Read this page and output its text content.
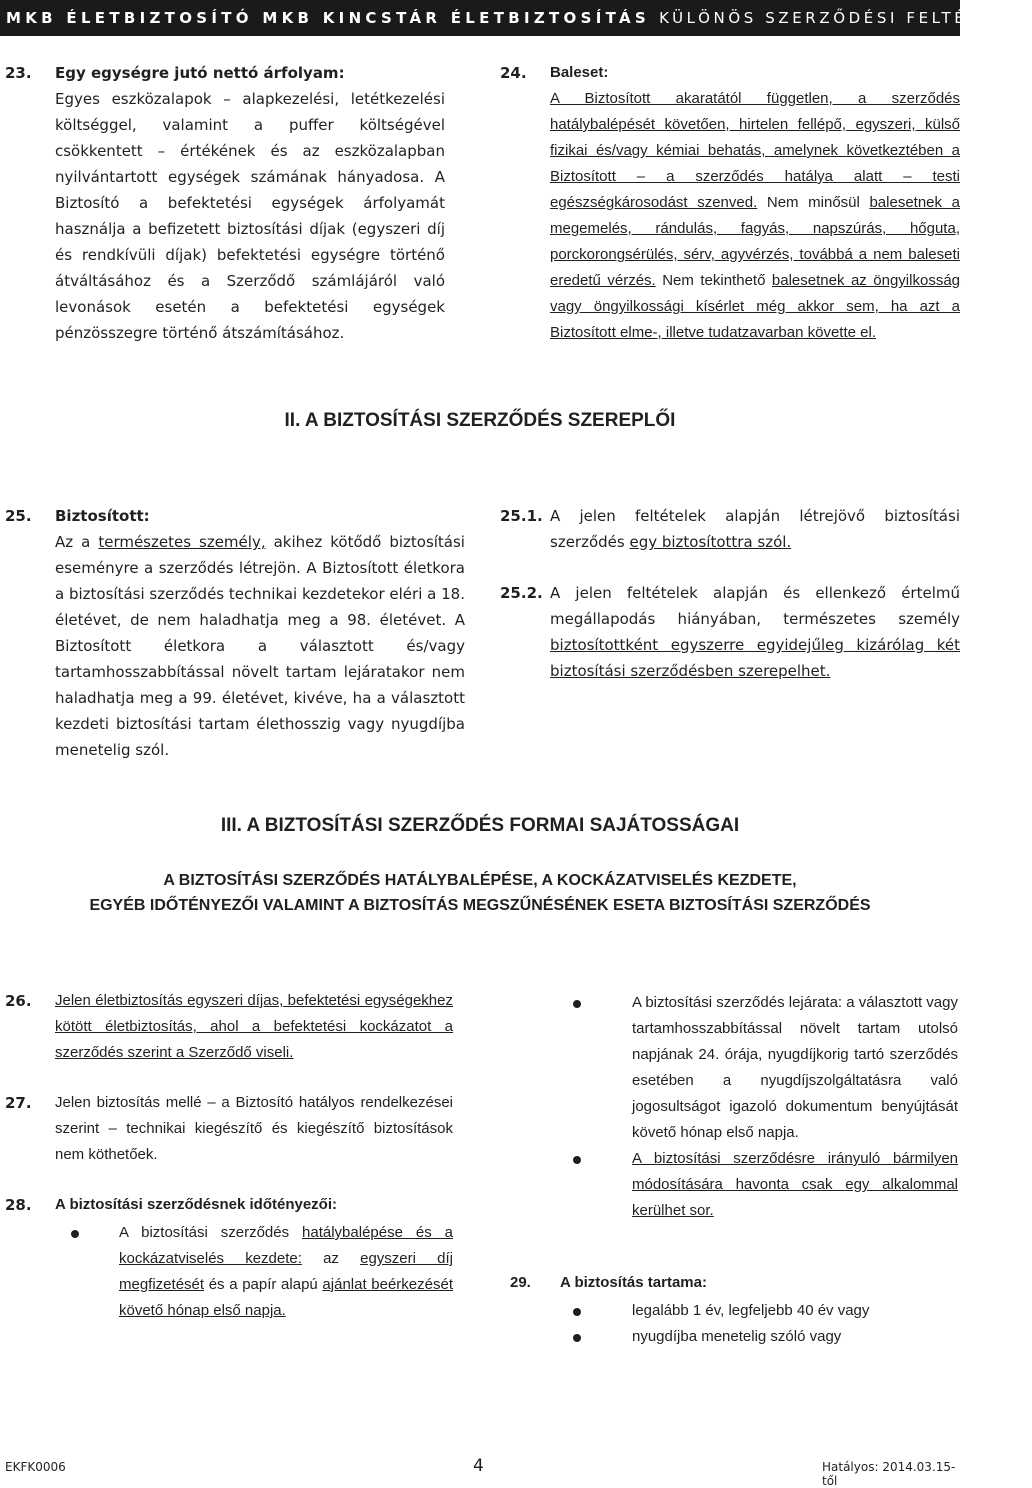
MKB ÉLETBIZTOSÍTÓ MKB KINCSTÁR ÉLETBIZTOSÍTÁS KÜLÖNÖS SZERZŐDÉSI FELTÉTELEK
23. Egy egységre jutó nettó árfolyam:
Egyes eszközalapok – alapkezelési, letétkezelési költséggel, valamint a puffer költségével csökkentett – értékének és az eszközalapban nyilvántartott egységek számának hányadosa. A Biztosító a befektetési egységek árfolyamát használja a befizetett biztosítási díjak (egyszeri díj és rendkívüli díjak) befektetési egységre történő átváltásához és a Szerződő számlájáról való levonások esetén a befektetési egységek pénzösszegre történő átszámításához.
24. Baleset:
A Biztosított akaratától független, a szerződés hatálybalépését követően, hirtelen fellépő, egyszeri, külső fizikai és/vagy kémiai behatás, amelynek következtében a Biztosított – a szerződés hatálya alatt – testi egészségkárosodást szenved. Nem minősül balesetnek a megemelés, rándulás, fagyás, napszúrás, hőguta, porckorongsérülés, sérv, agyvérzés, továbbá a nem baleseti eredetű vérzés. Nem tekinthető balesetnek az öngyilkosság vagy öngyilkossági kísérlet még akkor sem, ha azt a Biztosított elme-, illetve tudatzavarban követte el.
II. A BIZTOSÍTÁSI SZERZŐDÉS SZEREPLŐI
25. Biztosított:
Az a természetes személy, akihez kötődő biztosítási eseményre a szerződés létrejön. A Biztosított életkora a biztosítási szerződés technikai kezdetekor eléri a 18. életévet, de nem haladhatja meg a 98. életévet. A Biztosított életkora a választott és/vagy tartamhosszabbítással növelt tartam lejáratakor nem haladhatja meg a 99. életévet, kivéve, ha a választott kezdeti biztosítási tartam élethosszig vagy nyugdíjba menetelig szól.
25.1. A jelen feltételek alapján létrejövő biztosítási szerződés egy biztosítottra szól.
25.2. A jelen feltételek alapján és ellenkező értelmű megállapodás hiányában, természetes személy biztosítottként egyszerre egyidejűleg kizárólag két biztosítási szerződésben szerepelhet.
III. A BIZTOSÍTÁSI SZERZŐDÉS FORMAI SAJÁTOSSÁGAI
A BIZTOSÍTÁSI SZERZŐDÉS HATÁLYBALÉPÉSE, A KOCKÁZATVISELÉS KEZDETE,
EGYÉB IDŐTÉNYEZŐI VALAMINT A BIZTOSÍTÁS MEGSZŰNÉSÉNEK ESETA BIZTOSÍTÁSI SZERZŐDÉS
26. Jelen életbiztosítás egyszeri díjas, befektetési egységekhez kötött életbiztosítás, ahol a befektetési kockázatot a szerződés szerint a Szerződő viseli.
27. Jelen biztosítás mellé – a Biztosító hatályos rendelkezései szerint – technikai kiegészítő és kiegészítő biztosítások nem köthetőek.
28. A biztosítási szerződésnek időtényezői:
A biztosítási szerződés hatálybalépése és a kockázatviselés kezdete: az egyszeri díj megfizetését és a papír alapú ajánlat beérkezését követő hónap első napja.
A biztosítási szerződés lejárata: a választott vagy tartamhosszabbítással növelt tartam utolsó napjának 24. órája, nyugdíjkorig tartó szerződés esetében a nyugdíjszolgáltatásra való jogosultságot igazoló dokumentum benyújtását követő hónap első napja.
A biztosítási szerződésre irányuló bármilyen módosítására havonta csak egy alkalommal kerülhet sor.
29. A biztosítás tartama:
legalább 1 év, legfeljebb 40 év vagy
nyugdíjba menetelig szóló vagy
EKFK0006	4	Hatályos: 2014.03.15-től
